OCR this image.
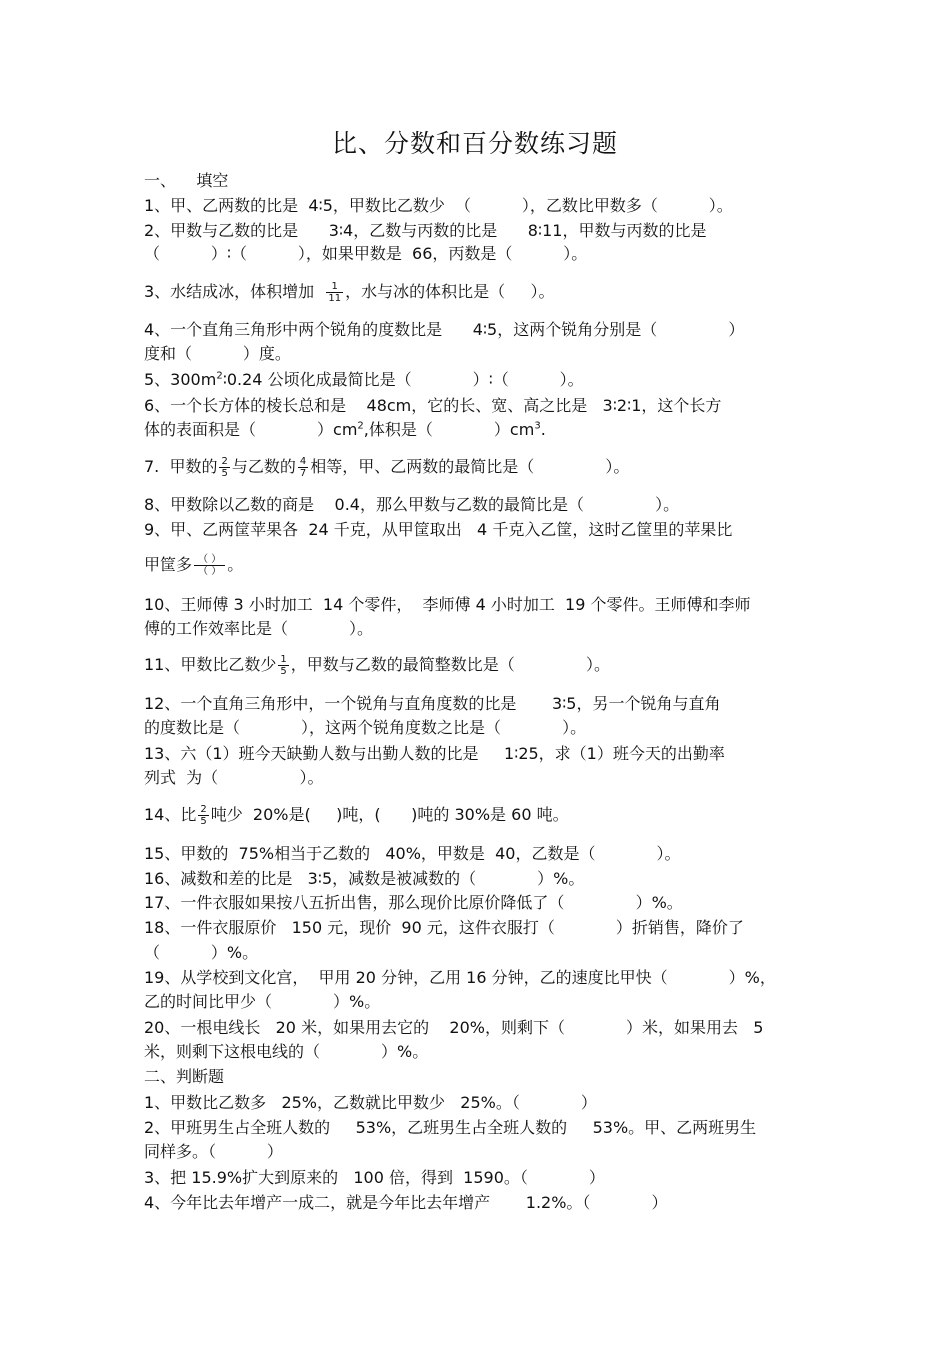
比、分数和百分数练习题
一、    填空
1、甲、乙两数的比是  4∶5，甲数比乙数少  （          ），乙数比甲数多（          ）。
2、甲数与乙数的比是      3∶4，乙数与丙数的比是      8∶11，甲数与丙数的比是
（          ）∶（          ），如果甲数是  66，丙数是（          ）。
3、水结成冰，体积增加 $\frac{1}{11}$ ，水与冰的体积比是（     ）。
4、一个直角三角形中两个锐角的度数比是      4∶5，这两个锐角分别是（              ）
度和（          ）度。
5、$300m^2∶0.24$ 公顷化成最简比是（            ）∶（          ）。
6、一个长方体的棱长总和是    48cm，它的长、宽、高之比是   3∶2∶1，这个长方
体的表面积是（            ）$cm^2$,体积是（            ）$cm^3$.
7.  甲数的 $\frac{2}{5}$ 与乙数的 $\frac{4}{7}$ 相等，甲、乙两数的最简比是（              ）。
8、甲数除以乙数的商是    0.4，那么甲数与乙数的最简比是（              ）。
9、甲、乙两筐苹果各  24 千克，从甲筐取出   4 千克入乙筐，这时乙筐里的苹果比
甲筐多 $\frac{( )}{( )}$ 。
10、王师傅 3 小时加工  14 个零件，  李师傅 4 小时加工  19 个零件。王师傅和李师
傅的工作效率比是（            ）。
11、甲数比乙数少 $\frac{1}{5}$ ，甲数与乙数的最简整数比是（              ）。
12、一个直角三角形中，一个锐角与直角度数的比是       3∶5，另一个锐角与直角
的度数比是（            ），这两个锐角度数之比是（            ）。
13、六（1）班今天缺勤人数与出勤人数的比是     1∶25，求（1）班今天的出勤率
列式  为（                ）。
14、比 $\frac{2}{5}$ 吨少  20%是(     )吨，(      )吨的 30%是 60 吨。
15、甲数的  75%相当于乙数的   40%，甲数是  40，乙数是（            ）。
16、减数和差的比是   3∶5，减数是被减数的（            ）%。
17、一件衣服如果按八五折出售，那么现价比原价降低了（              ）%。
18、一件衣服原价   150 元，现价  90 元，这件衣服打（            ）折销售，降价了
（          ）%。
19、从学校到文化宫，  甲用 20 分钟，乙用 16 分钟，乙的速度比甲快（            ）%，
乙的时间比甲少（            ）%。
20、一根电线长   20 米，如果用去它的    20%，则剩下（            ）米，如果用去   5
米，则剩下这根电线的（            ）%。
二、判断题
1、甲数比乙数多   25%，乙数就比甲数少   25%。（            ）
2、甲班男生占全班人数的     53%，乙班男生占全班人数的     53%。甲、乙两班男生
同样多。（          ）
3、把 15.9%扩大到原来的   100 倍，得到  1590。（            ）
4、今年比去年增产一成二，就是今年比去年增产       1.2%。（            ）
